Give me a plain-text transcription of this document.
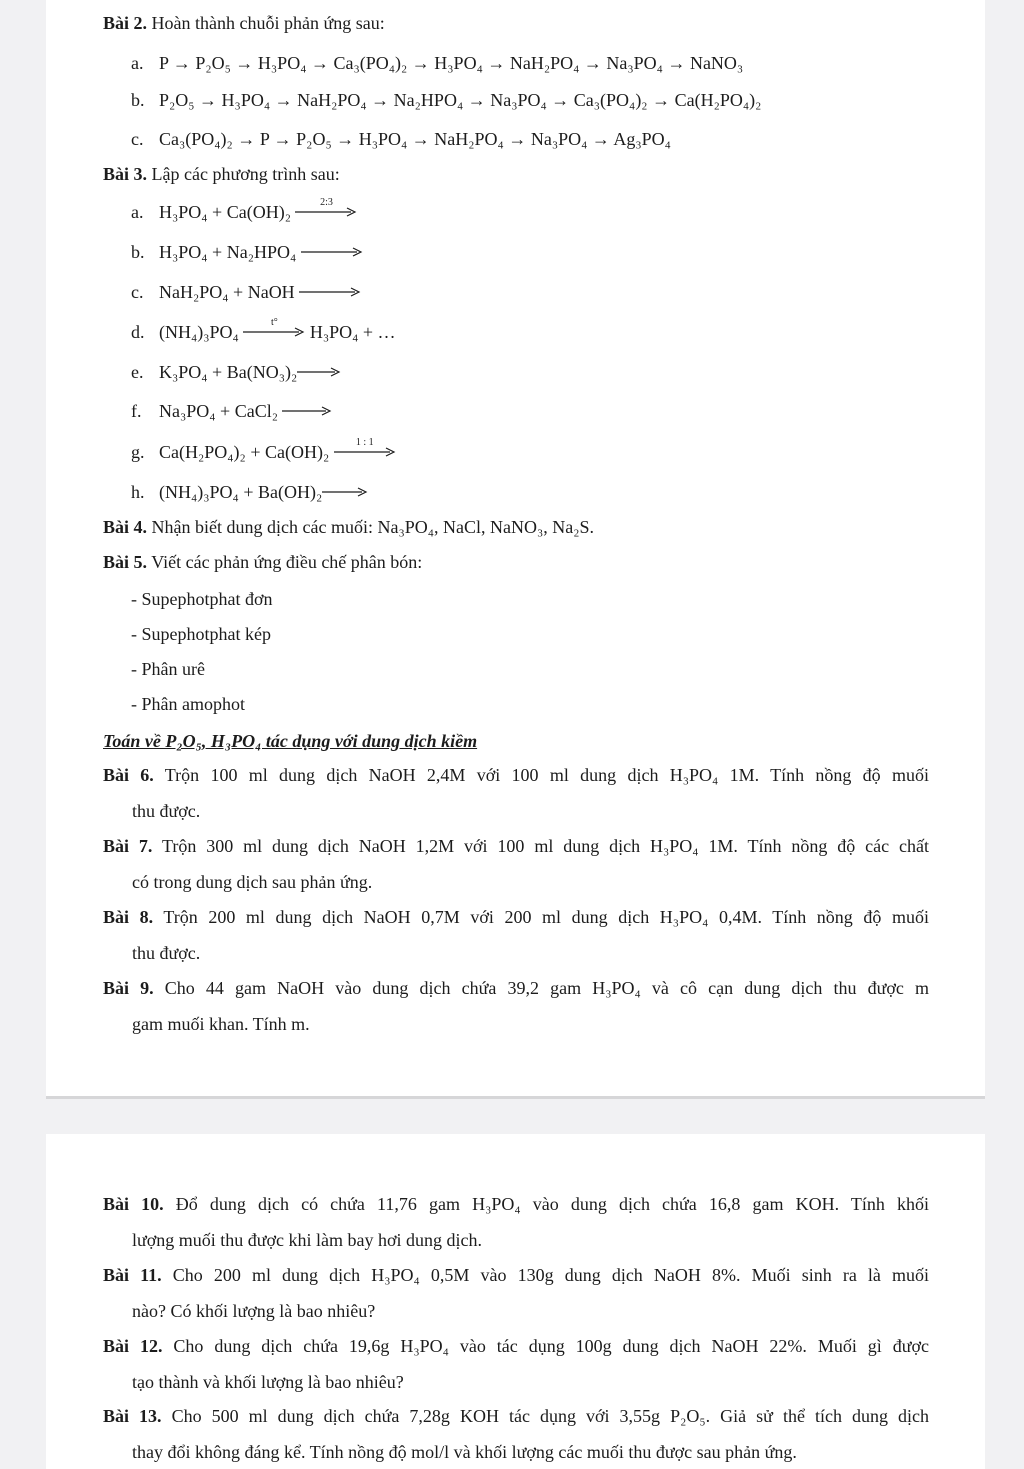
Bài 2. Hoàn thành chuỗi phản ứng sau:
a. P → P₂O₅ → H₃PO₄ → Ca₃(PO₄)₂ → H₃PO₄ → NaH₂PO₄ → Na₃PO₄ → NaNO₃
b. P₂O₅ → H₃PO₄ → NaH₂PO₄ → Na₂HPO₄ → Na₃PO₄ → Ca₃(PO₄)₂ → Ca(H₂PO₄)₂
c. Ca₃(PO₄)₂ → P → P₂O₅ → H₃PO₄ → NaH₂PO₄ → Na₃PO₄ → Ag₃PO₄
Bài 3. Lập các phương trình sau:
a. H₃PO₄ + Ca(OH)₂	2:3
b. H₃PO₄ + Na₂HPO₄ →
c. NaH₂PO₄ + NaOH →
d. (NH₄)₃PO₄	t°	H₃PO₄ + …
e. K₃PO₄ + Ba(NO₃)₂→
f. Na₃PO₄ + CaCl₂ →
g. Ca(H₂PO₄)₂ + Ca(OH)₂	1 : 1
h. (NH₄)₃PO₄ + Ba(OH)₂→
Bài 4. Nhận biết dung dịch các muối: Na₃PO₄, NaCl, NaNO₃, Na₂S.
Bài 5. Viết các phản ứng điều chế phân bón:
- Supephotphat đơn
- Supephotphat kép
- Phân urê
- Phân amophot
Toán về P₂O₅, H₃PO₄ tác dụng với dung dịch kiềm
Bài 6. Trộn 100 ml dung dịch NaOH 2,4M với 100 ml dung dịch H₃PO₄ 1M. Tính nồng độ muối
thu được.
Bài 7. Trộn 300 ml dung dịch NaOH 1,2M với 100 ml dung dịch H₃PO₄ 1M. Tính nồng độ các chất
có trong dung dịch sau phản ứng.
Bài 8. Trộn 200 ml dung dịch NaOH 0,7M với 200 ml dung dịch H₃PO₄ 0,4M. Tính nồng độ muối
thu được.
Bài 9. Cho 44 gam NaOH vào dung dịch chứa 39,2 gam H₃PO₄ và cô cạn dung dịch thu được m
gam muối khan. Tính m.
Bài 10. Đổ dung dịch có chứa 11,76 gam H₃PO₄ vào dung dịch chứa 16,8 gam KOH. Tính khối
lượng muối thu được khi làm bay hơi dung dịch.
Bài 11. Cho 200 ml dung dịch H₃PO₄ 0,5M vào 130g dung dịch NaOH 8%. Muối sinh ra là muối
nào? Có khối lượng là bao nhiêu?
Bài 12. Cho dung dịch chứa 19,6g H₃PO₄ vào tác dụng 100g dung dịch NaOH 22%. Muối gì được
tạo thành và khối lượng là bao nhiêu?
Bài 13. Cho 500 ml dung dịch chứa 7,28g KOH tác dụng với 3,55g P₂O₅. Giả sử thể tích dung dịch
thay đổi không đáng kể. Tính nồng độ mol/l và khối lượng các muối thu được sau phản ứng.
